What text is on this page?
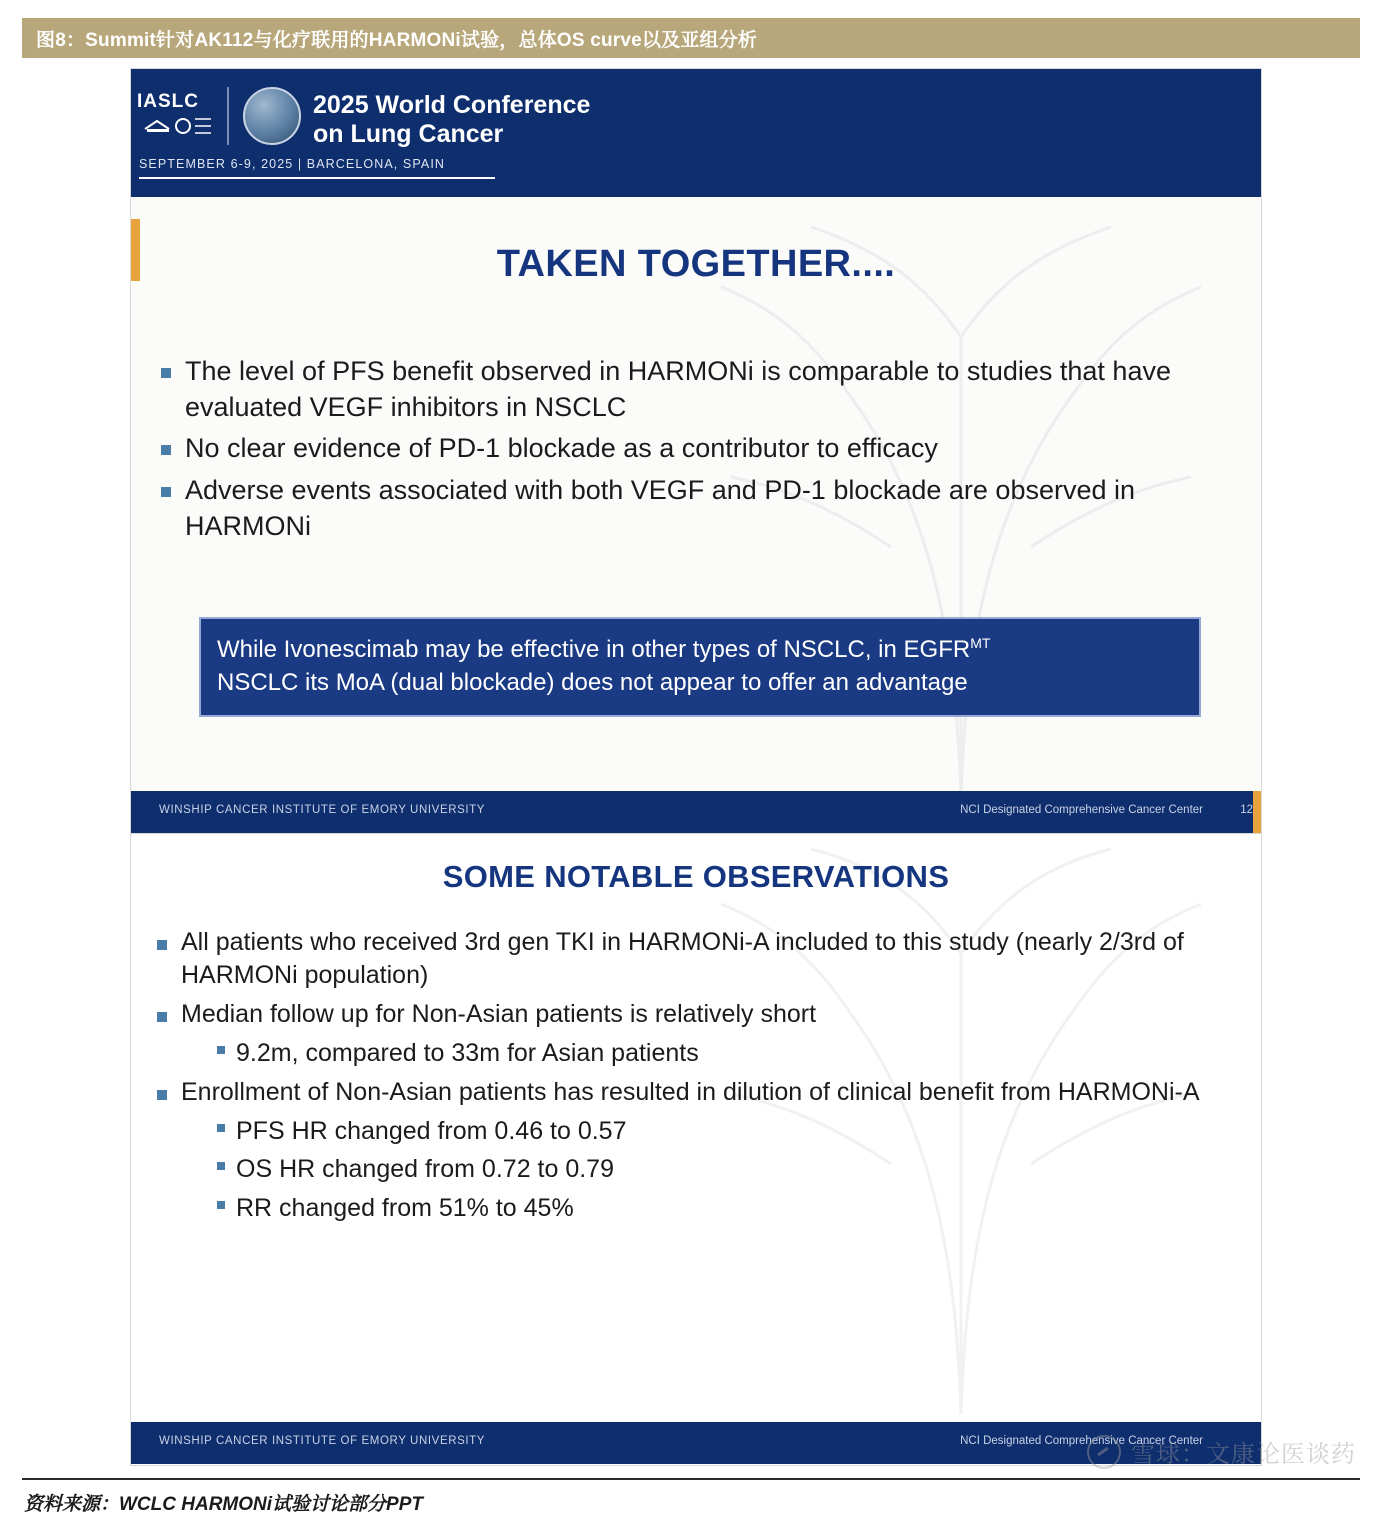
图8：Summit针对AK112与化疗联用的HARMONi试验，总体OS curve以及亚组分析
IASLC	2025 World Conference
on Lung Cancer
SEPTEMBER 6-9, 2025 | BARCELONA, SPAIN
TAKEN TOGETHER....
The level of PFS benefit observed in HARMONi is comparable to studies that have evaluated VEGF inhibitors in NSCLC
No clear evidence of PD-1 blockade as a contributor to efficacy
Adverse events associated with both VEGF and PD-1 blockade are observed in HARMONi
While Ivonescimab may be effective in other types of NSCLC, in $EGFR^{MT}$
NSCLC its MoA (dual blockade) does not appear to offer an advantage
WINSHIP CANCER INSTITUTE OF EMORY UNIVERSITY	NCI Designated Comprehensive Cancer Center	12
SOME NOTABLE OBSERVATIONS
All patients who received 3rd gen TKI in HARMONi-A included to this study (nearly 2/3rd of HARMONi population)
Median follow up for Non-Asian patients is relatively short
9.2m, compared to 33m for Asian patients
Enrollment of Non-Asian patients has resulted in dilution of clinical benefit from HARMONi-A
PFS HR changed from 0.46 to 0.57
OS HR changed from 0.72 to 0.79
RR changed from 51% to 45%
WINSHIP CANCER INSTITUTE OF EMORY UNIVERSITY	NCI Designated Comprehensive Cancer Center
雪球：文康论医谈药
资料来源：WCLC HARMONi试验讨论部分PPT
